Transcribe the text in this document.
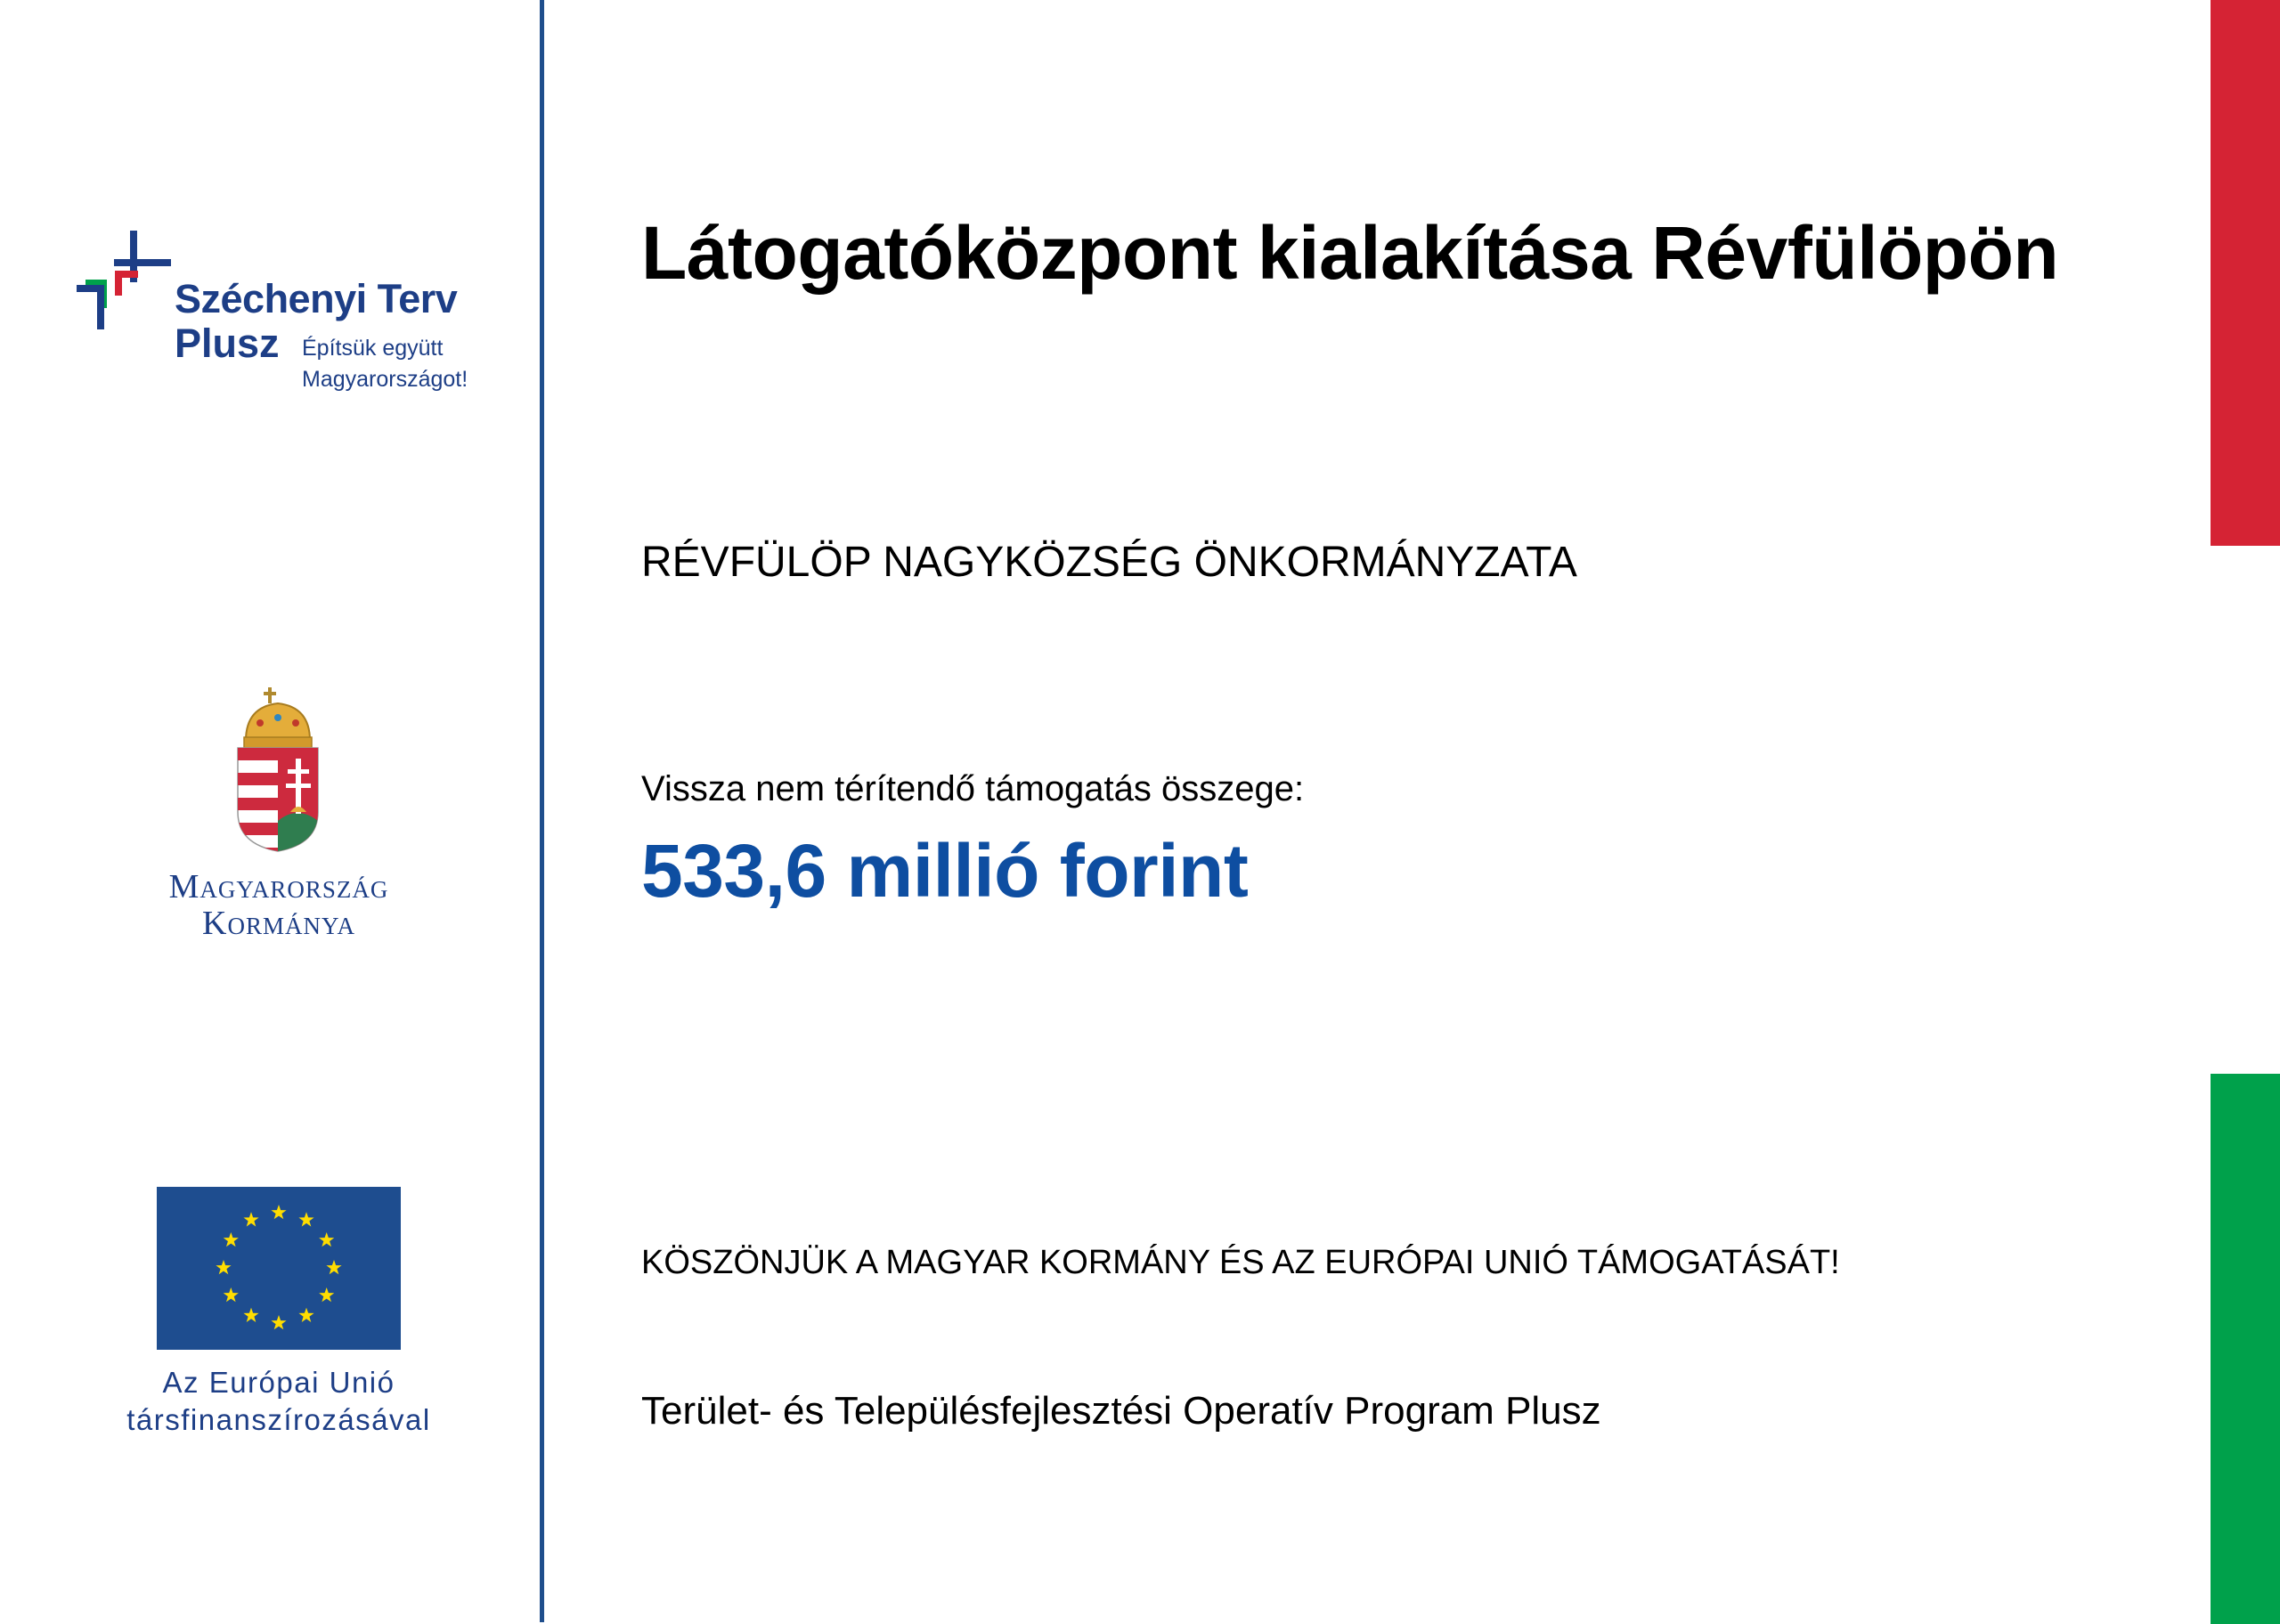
Széchenyi Terv
Plusz Építsük együtt
Magyarországot!
Magyarország
Kormánya
Az Európai Unió
társfinanszírozásával
Látogatóközpont kialakítása Révfülöpön
RÉVFÜLÖP NAGYKÖZSÉG ÖNKORMÁNYZATA
Vissza nem térítendő támogatás összege:
533,6 millió forint
KÖSZÖNJÜK A MAGYAR KORMÁNY ÉS AZ EURÓPAI UNIÓ TÁMOGATÁSÁT!
Terület- és Településfejlesztési Operatív Program Plusz
